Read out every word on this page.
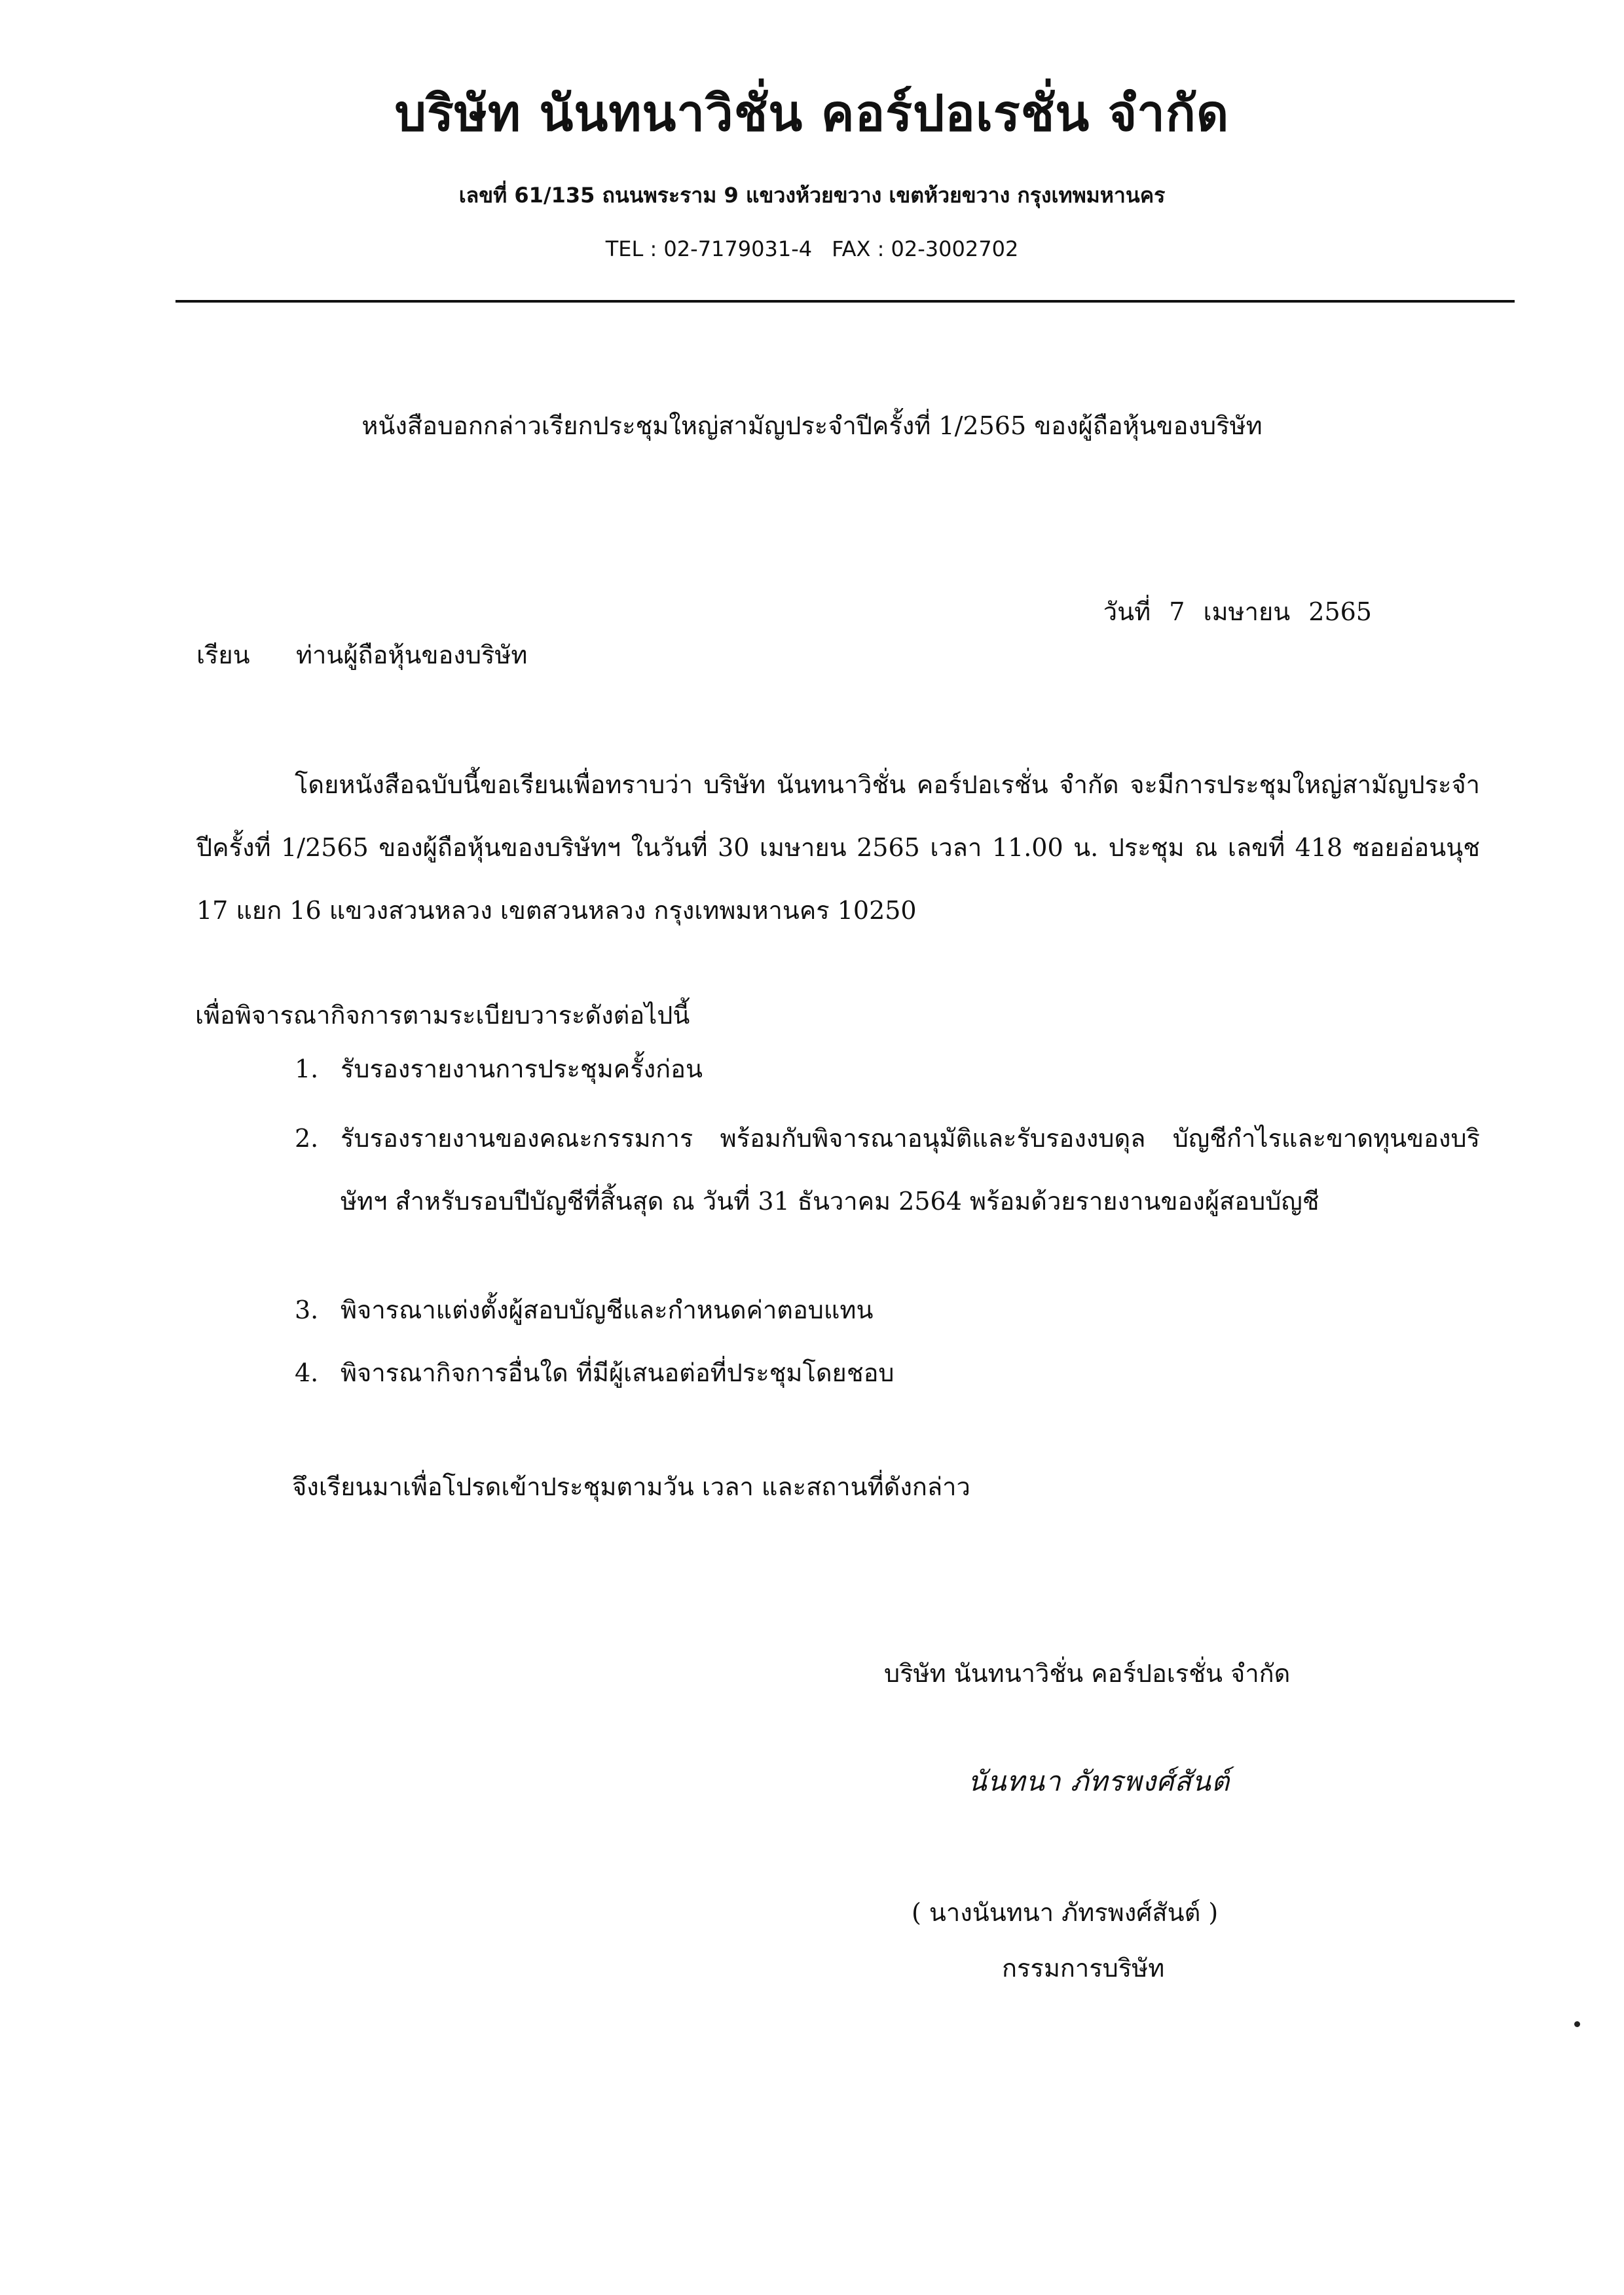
บริษัท นันทนาวิชั่น คอร์ปอเรชั่น จำกัด
เลขที่ 61/135 ถนนพระราม 9 แขวงห้วยขวาง เขตห้วยขวาง กรุงเทพมหานคร
TEL : 02-7179031-4 FAX : 02-3002702
หนังสือบอกกล่าวเรียกประชุมใหญ่สามัญประจำปีครั้งที่ 1/2565 ของผู้ถือหุ้นของบริษัท
วันที่ 7 เมษายน 2565
เรียน ท่านผู้ถือหุ้นของบริษัท
โดยหนังสือฉบับนี้ขอเรียนเพื่อทราบว่า บริษัท นันทนาวิชั่น คอร์ปอเรชั่น จำกัด จะมีการประชุมใหญ่สามัญประจำปีครั้งที่ 1/2565 ของผู้ถือหุ้นของบริษัทฯ ในวันที่ 30 เมษายน 2565 เวลา 11.00 น. ประชุม ณ เลขที่ 418 ซอยอ่อนนุช 17 แยก 16 แขวงสวนหลวง เขตสวนหลวง กรุงเทพมหานคร 10250
เพื่อพิจารณากิจการตามระเบียบวาระดังต่อไปนี้
1. รับรองรายงานการประชุมครั้งก่อน
2. รับรองรายงานของคณะกรรมการ พร้อมกับพิจารณาอนุมัติและรับรองงบดุล บัญชีกำไรและขาดทุนของบริษัทฯ สำหรับรอบปีบัญชีที่สิ้นสุด ณ วันที่ 31 ธันวาคม 2564 พร้อมด้วยรายงานของผู้สอบบัญชี
3. พิจารณาแต่งตั้งผู้สอบบัญชีและกำหนดค่าตอบแทน
4. พิจารณากิจการอื่นใด ที่มีผู้เสนอต่อที่ประชุมโดยชอบ
จึงเรียนมาเพื่อโปรดเข้าประชุมตามวัน เวลา และสถานที่ดังกล่าว
บริษัท นันทนาวิชั่น คอร์ปอเรชั่น จำกัด
นันทนา ภัทรพงศ์สันต์
( นางนันทนา ภัทรพงศ์สันต์ )
กรรมการบริษัท
